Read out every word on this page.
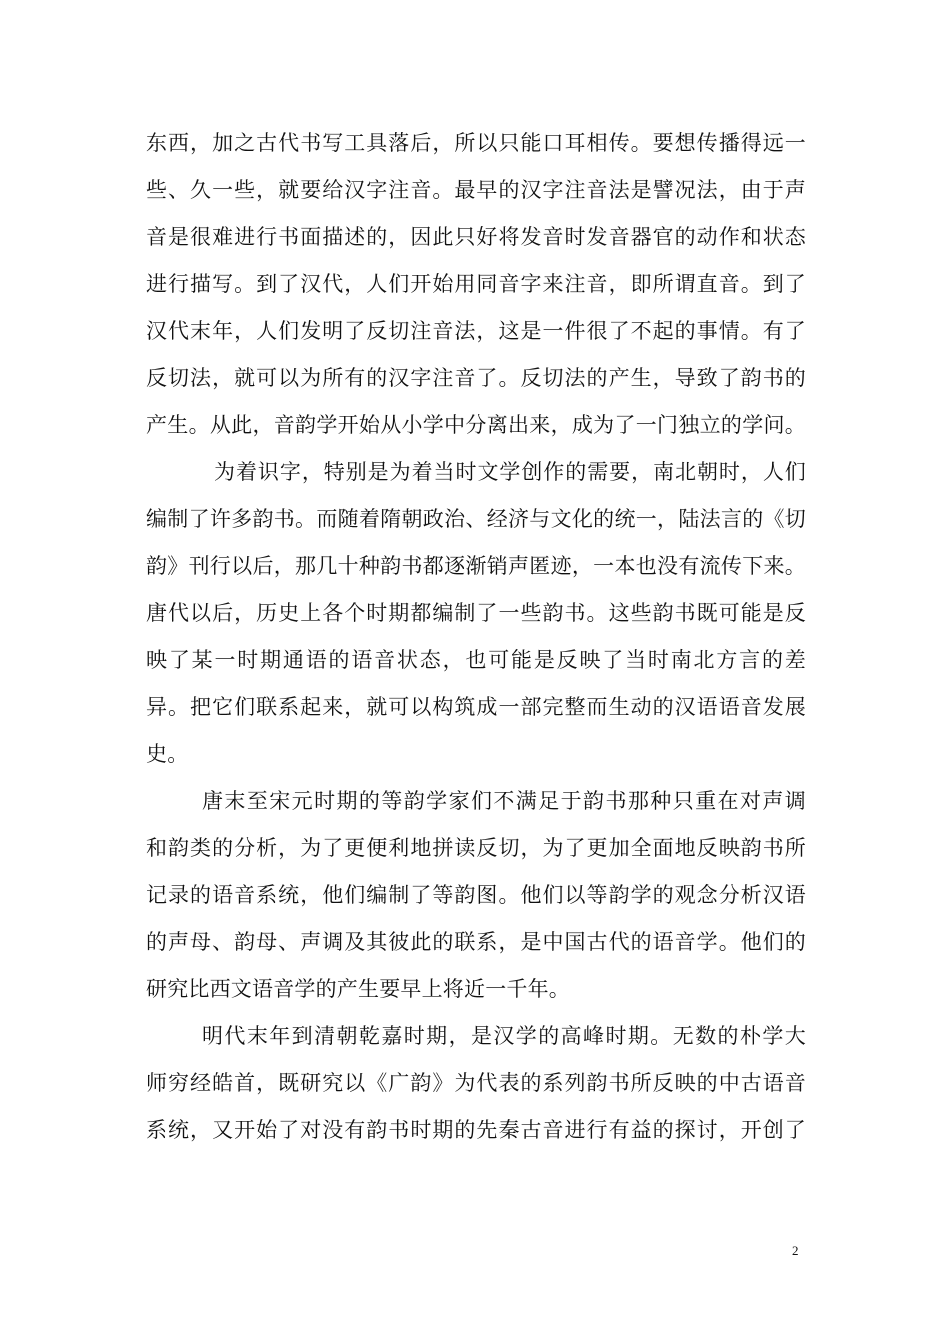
东西，加之古代书写工具落后，所以只能口耳相传。要想传播得远一
些、久一些，就要给汉字注音。最早的汉字注音法是譬况法，由于声
音是很难进行书面描述的，因此只好将发音时发音器官的动作和状态
进行描写。到了汉代，人们开始用同音字来注音，即所谓直音。到了
汉代末年，人们发明了反切注音法，这是一件很了不起的事情。有了
反切法，就可以为所有的汉字注音了。反切法的产生，导致了韵书的
产生。从此，音韵学开始从小学中分离出来，成为了一门独立的学问。
为着识字，特别是为着当时文学创作的需要，南北朝时，人们
编制了许多韵书。而随着隋朝政治、经济与文化的统一，陆法言的《切
韵》刊行以后，那几十种韵书都逐渐销声匿迹，一本也没有流传下来。
唐代以后，历史上各个时期都编制了一些韵书。这些韵书既可能是反
映了某一时期通语的语音状态，也可能是反映了当时南北方言的差
异。把它们联系起来，就可以构筑成一部完整而生动的汉语语音发展
史。
唐末至宋元时期的等韵学家们不满足于韵书那种只重在对声调
和韵类的分析，为了更便利地拼读反切，为了更加全面地反映韵书所
记录的语音系统，他们编制了等韵图。他们以等韵学的观念分析汉语
的声母、韵母、声调及其彼此的联系，是中国古代的语音学。他们的
研究比西文语音学的产生要早上将近一千年。
明代末年到清朝乾嘉时期，是汉学的高峰时期。无数的朴学大
师穷经皓首，既研究以《广韵》为代表的系列韵书所反映的中古语音
系统，又开始了对没有韵书时期的先秦古音进行有益的探讨，开创了
2
